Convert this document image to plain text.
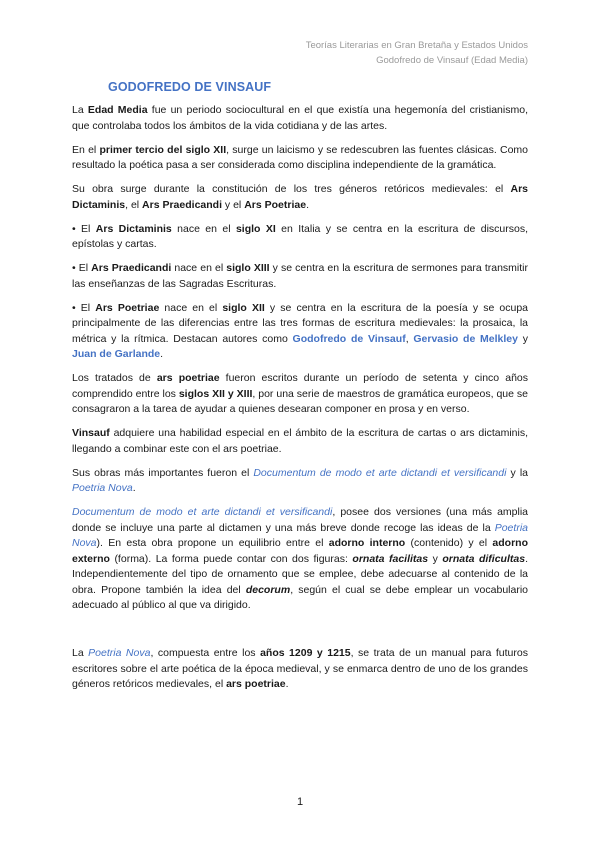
Teorías Literarias en Gran Bretaña y Estados Unidos
Godofredo de Vinsauf (Edad Media)
GODOFREDO DE VINSAUF

La Edad Media fue un periodo sociocultural en el que existía una hegemonía del cristianismo, que controlaba todos los ámbitos de la vida cotidiana y de las artes.

En el primer tercio del siglo XII, surge un laicismo y se redescubren las fuentes clásicas. Como resultado la poética pasa a ser considerada como disciplina independiente de la gramática.

Su obra surge durante la constitución de los tres géneros retóricos medievales: el Ars Dictaminis, el Ars Praedicandi y el Ars Poetriae.

• El Ars Dictaminis nace en el siglo XI en Italia y se centra en la escritura de discursos, epístolas y cartas.

• El Ars Praedicandi nace en el siglo XIII y se centra en la escritura de sermones para transmitir las enseñanzas de las Sagradas Escrituras.

• El Ars Poetriae nace en el siglo XII y se centra en la escritura de la poesía y se ocupa principalmente de las diferencias entre las tres formas de escritura medievales: la prosaica, la métrica y la rítmica. Destacan autores como Godofredo de Vinsauf, Gervasio de Melkley y Juan de Garlande.

Los tratados de ars poetriae fueron escritos durante un período de setenta y cinco años comprendido entre los siglos XII y XIII, por una serie de maestros de gramática europeos, que se consagraron a la tarea de ayudar a quienes desearan componer en prosa y en verso.

Vinsauf adquiere una habilidad especial en el ámbito de la escritura de cartas o ars dictaminis, llegando a combinar este con el ars poetriae.

Sus obras más importantes fueron el Documentum de modo et arte dictandi et versificandi y la Poetria Nova.

Documentum de modo et arte dictandi et versificandi, posee dos versiones (una más amplia donde se incluye una parte al dictamen y una más breve donde recoge las ideas de la Poetria Nova). En esta obra propone un equilibrio entre el adorno interno (contenido) y el adorno externo (forma). La forma puede contar con dos figuras: ornata facilitas y ornata dificultas. Independientemente del tipo de ornamento que se emplee, debe adecuarse al contenido de la obra. Propone también la idea del decorum, según el cual se debe emplear un vocabulario adecuado al público al que va dirigido.

La Poetria Nova, compuesta entre los años 1209 y 1215, se trata de un manual para futuros escritores sobre el arte poética de la época medieval, y se enmarca dentro de uno de los grandes géneros retóricos medievales, el ars poetriae.

1
